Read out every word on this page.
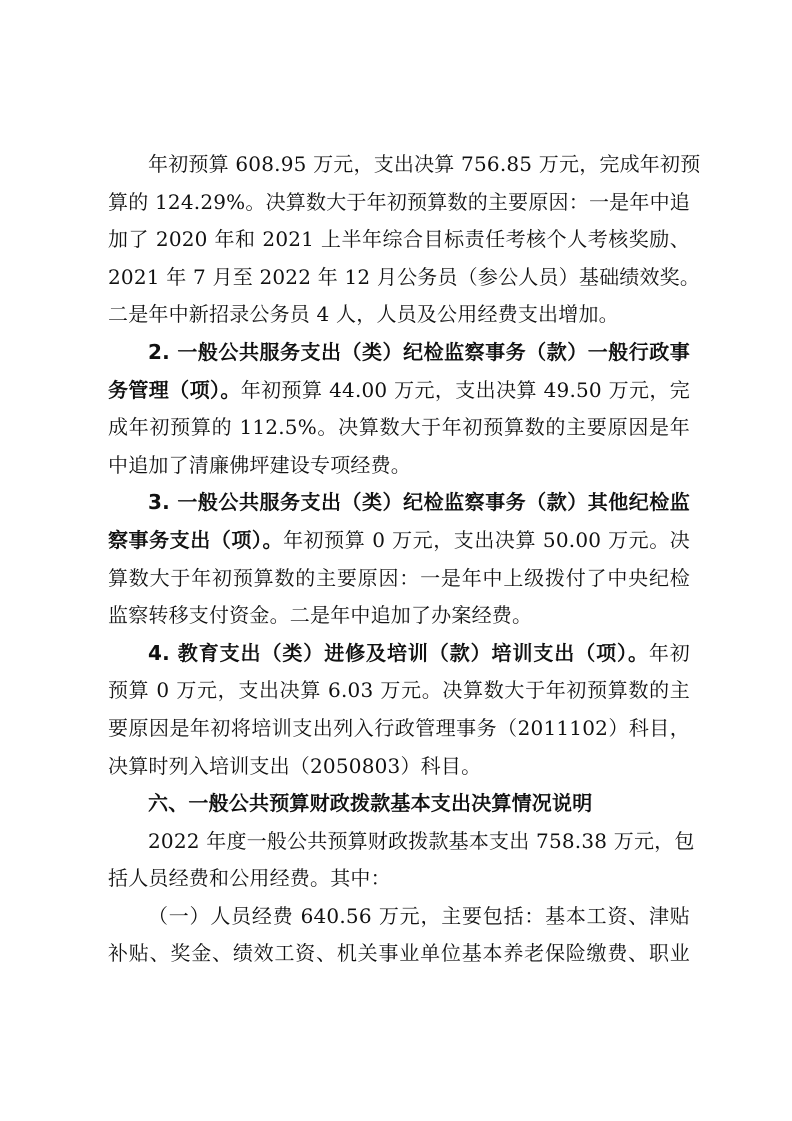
年初预算 608.95 万元，支出决算 756.85 万元，完成年初预
算的 124.29%。决算数大于年初预算数的主要原因：一是年中追
加了 2020 年和 2021 上半年综合目标责任考核个人考核奖励、
2021 年 7 月至 2022 年 12 月公务员（参公人员）基础绩效奖。
二是年中新招录公务员 4 人，人员及公用经费支出增加。
2. 一般公共服务支出（类）纪检监察事务（款）一般行政事
务管理（项）。年初预算 44.00 万元，支出决算 49.50 万元，完
成年初预算的 112.5%。决算数大于年初预算数的主要原因是年
中追加了清廉佛坪建设专项经费。
3. 一般公共服务支出（类）纪检监察事务（款）其他纪检监
察事务支出（项）。年初预算 0 万元，支出决算 50.00 万元。决
算数大于年初预算数的主要原因：一是年中上级拨付了中央纪检
监察转移支付资金。二是年中追加了办案经费。
4. 教育支出（类）进修及培训（款）培训支出（项）。年初
预算 0 万元，支出决算 6.03 万元。决算数大于年初预算数的主
要原因是年初将培训支出列入行政管理事务（2011102）科目，
决算时列入培训支出（2050803）科目。
六、一般公共预算财政拨款基本支出决算情况说明
2022 年度一般公共预算财政拨款基本支出 758.38 万元，包
括人员经费和公用经费。其中：
（一）人员经费 640.56 万元，主要包括：基本工资、津贴
补贴、奖金、绩效工资、机关事业单位基本养老保险缴费、职业
